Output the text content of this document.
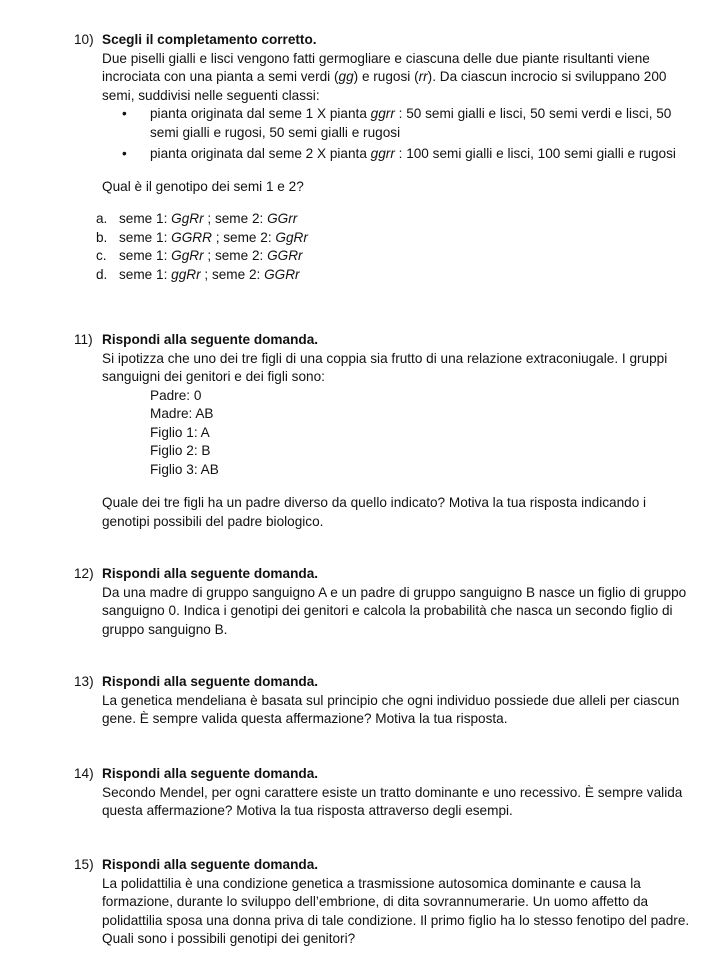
10) Scegli il completamento corretto.
Due piselli gialli e lisci vengono fatti germogliare e ciascuna delle due piante risultanti viene incrociata con una pianta a semi verdi (gg) e rugosi (rr). Da ciascun incrocio si sviluppano 200 semi, suddivisi nelle seguenti classi:
• pianta originata dal seme 1 X pianta ggrr : 50 semi gialli e lisci, 50 semi verdi e lisci, 50 semi gialli e rugosi, 50 semi gialli e rugosi
• pianta originata dal seme 2 X pianta ggrr : 100 semi gialli e lisci, 100 semi gialli e rugosi
Qual è il genotipo dei semi 1 e 2?
a. seme 1: GgRr ; seme 2: GGrr
b. seme 1: GGRR ; seme 2: GgRr
c. seme 1: GgRr ; seme 2: GGRr
d. seme 1: ggRr ; seme 2: GGRr
11) Rispondi alla seguente domanda.
Si ipotizza che uno dei tre figli di una coppia sia frutto di una relazione extraconiugale. I gruppi sanguigni dei genitori e dei figli sono:
Padre: 0
Madre: AB
Figlio 1: A
Figlio 2: B
Figlio 3: AB
Quale dei tre figli ha un padre diverso da quello indicato? Motiva la tua risposta indicando i genotipi possibili del padre biologico.
12) Rispondi alla seguente domanda.
Da una madre di gruppo sanguigno A e un padre di gruppo sanguigno B nasce un figlio di gruppo sanguigno 0. Indica i genotipi dei genitori e calcola la probabilità che nasca un secondo figlio di gruppo sanguigno B.
13) Rispondi alla seguente domanda.
La genetica mendeliana è basata sul principio che ogni individuo possiede due alleli per ciascun gene. È sempre valida questa affermazione? Motiva la tua risposta.
14) Rispondi alla seguente domanda.
Secondo Mendel, per ogni carattere esiste un tratto dominante e uno recessivo. È sempre valida questa affermazione? Motiva la tua risposta attraverso degli esempi.
15) Rispondi alla seguente domanda.
La polidattilia è una condizione genetica a trasmissione autosomica dominante e causa la formazione, durante lo sviluppo dell’embrione, di dita sovrannumerarie. Un uomo affetto da polidattilia sposa una donna priva di tale condizione. Il primo figlio ha lo stesso fenotipo del padre. Quali sono i possibili genotipi dei genitori?
